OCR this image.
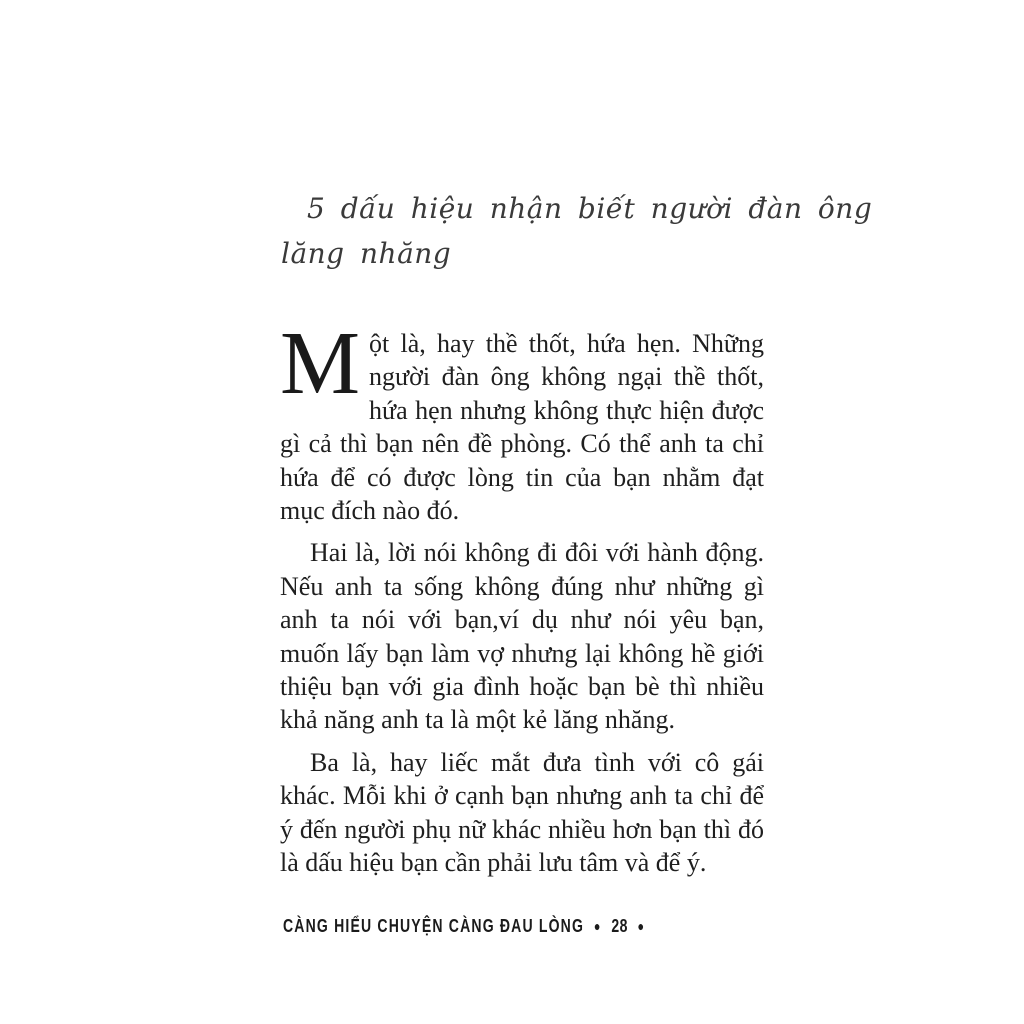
5 dấu hiệu nhận biết người đàn ông
lăng nhăng

Một là, hay thề thốt, hứa hẹn. Những người đàn ông không ngại thề thốt, hứa hẹn nhưng không thực hiện được gì cả thì bạn nên đề phòng. Có thể anh ta chỉ hứa để có được lòng tin của bạn nhằm đạt mục đích nào đó.

Hai là, lời nói không đi đôi với hành động. Nếu anh ta sống không đúng như những gì anh ta nói với bạn,ví dụ như nói yêu bạn, muốn lấy bạn làm vợ nhưng lại không hề giới thiệu bạn với gia đình hoặc bạn bè thì nhiều khả năng anh ta là một kẻ lăng nhăng.

Ba là, hay liếc mắt đưa tình với cô gái khác. Mỗi khi ở cạnh bạn nhưng anh ta chỉ để ý đến người phụ nữ khác nhiều hơn bạn thì đó là dấu hiệu bạn cần phải lưu tâm và để ý.

CÀNG HIỂU CHUYỆN CÀNG ĐAU LÒNG ● 28 ●
